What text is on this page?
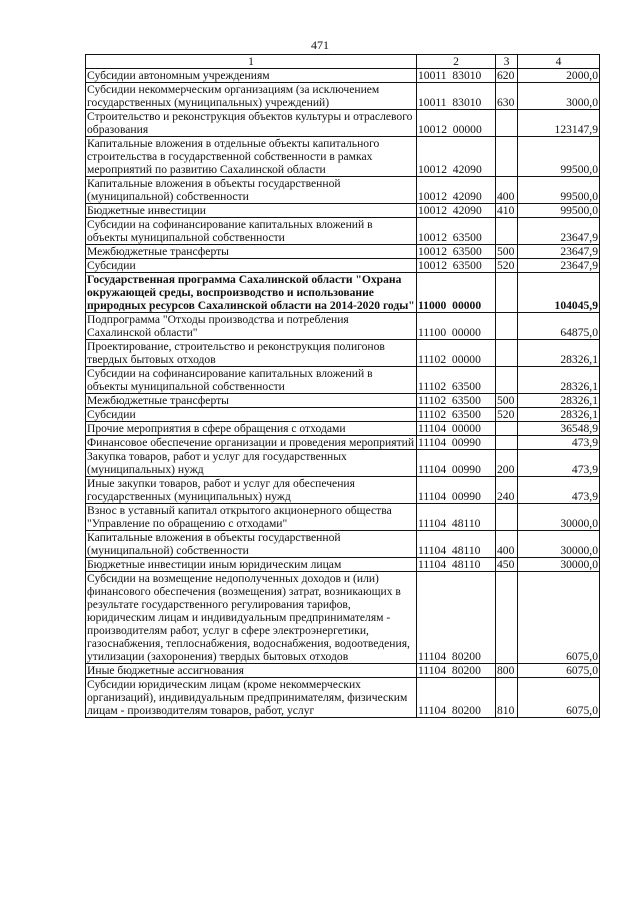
471
1	2	3	4
Субсидии автономным учреждениям	10011  83010	620	2000,0
Субсидии некоммерческим организациям (за исключением государственных (муниципальных) учреждений)	10011  83010	630	3000,0
Строительство и реконструкция объектов культуры и отраслевого образования	10012  00000		123147,9
Капитальные вложения в отдельные объекты капитального строительства в государственной собственности в рамках мероприятий по развитию Сахалинской области	10012  42090		99500,0
Капитальные вложения в объекты государственной (муниципальной) собственности	10012  42090	400	99500,0
Бюджетные инвестиции	10012  42090	410	99500,0
Субсидии на софинансирование капитальных вложений в объекты муниципальной собственности	10012  63500		23647,9
Межбюджетные трансферты	10012  63500	500	23647,9
Субсидии	10012  63500	520	23647,9
Государственная программа Сахалинской области "Охрана окружающей среды, воспроизводство и использование природных ресурсов Сахалинской области на 2014-2020 годы"	11000  00000		104045,9
Подпрограмма "Отходы производства и потребления Сахалинской области"	11100  00000		64875,0
Проектирование, строительство и реконструкция полигонов твердых бытовых отходов	11102  00000		28326,1
Субсидии на софинансирование капитальных вложений в объекты муниципальной собственности	11102  63500		28326,1
Межбюджетные трансферты	11102  63500	500	28326,1
Субсидии	11102  63500	520	28326,1
Прочие мероприятия в сфере обращения с отходами	11104  00000		36548,9
Финансовое обеспечение организации и проведения мероприятий	11104  00990		473,9
Закупка товаров, работ и услуг для государственных (муниципальных) нужд	11104  00990	200	473,9
Иные закупки товаров, работ и услуг для обеспечения государственных (муниципальных) нужд	11104  00990	240	473,9
Взнос в уставный капитал открытого акционерного общества "Управление по обращению с отходами"	11104  48110		30000,0
Капитальные вложения в объекты государственной (муниципальной) собственности	11104  48110	400	30000,0
Бюджетные инвестиции иным юридическим лицам	11104  48110	450	30000,0
Субсидии на возмещение недополученных доходов и (или) финансового обеспечения (возмещения) затрат, возникающих в результате государственного регулирования тарифов, юридическим лицам и индивидуальным предпринимателям - производителям работ, услуг в сфере электроэнергетики, газоснабжения, теплоснабжения, водоснабжения, водоотведения, утилизации (захоронения) твердых бытовых отходов	11104  80200		6075,0
Иные бюджетные ассигнования	11104  80200	800	6075,0
Субсидии юридическим лицам (кроме некоммерческих организаций), индивидуальным предпринимателям, физическим лицам - производителям товаров, работ, услуг	11104  80200	810	6075,0
